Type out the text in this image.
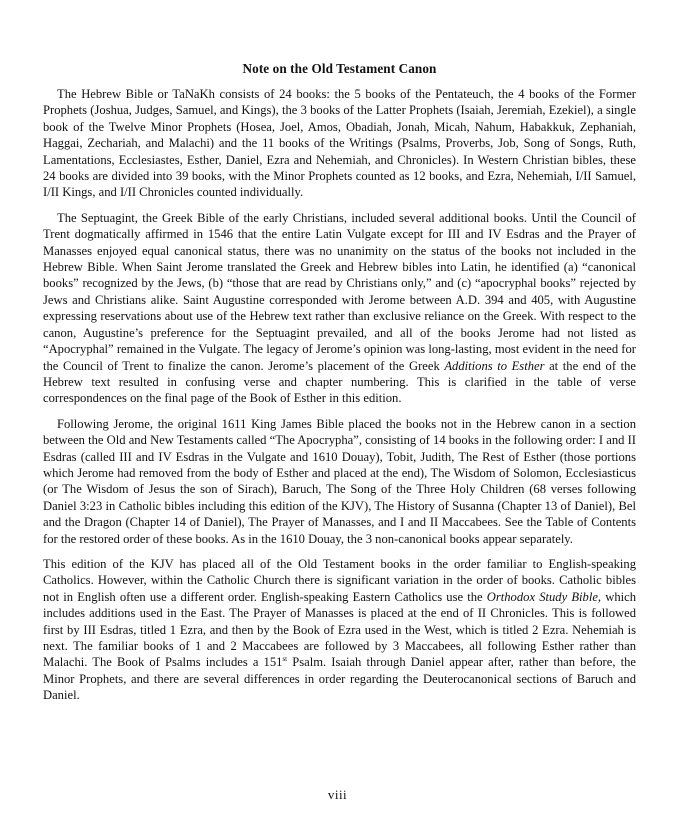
Note on the Old Testament Canon

The Hebrew Bible or TaNaKh consists of 24 books: the 5 books of the Pentateuch, the 4 books of the Former Prophets (Joshua, Judges, Samuel, and Kings), the 3 books of the Latter Prophets (Isaiah, Jeremiah, Ezekiel), a single book of the Twelve Minor Prophets (Hosea, Joel, Amos, Obadiah, Jonah, Micah, Nahum, Habakkuk, Zephaniah, Haggai, Zechariah, and Malachi) and the 11 books of the Writings (Psalms, Proverbs, Job, Song of Songs, Ruth, Lamentations, Ecclesiastes, Esther, Daniel, Ezra and Nehemiah, and Chronicles). In Western Christian bibles, these 24 books are divided into 39 books, with the Minor Prophets counted as 12 books, and Ezra, Nehemiah, I/II Samuel, I/II Kings, and I/II Chronicles counted individually.

The Septuagint, the Greek Bible of the early Christians, included several additional books. Until the Council of Trent dogmatically affirmed in 1546 that the entire Latin Vulgate except for III and IV Esdras and the Prayer of Manasses enjoyed equal canonical status, there was no unanimity on the status of the books not included in the Hebrew Bible. When Saint Jerome translated the Greek and Hebrew bibles into Latin, he identified (a) “canonical books” recognized by the Jews, (b) “those that are read by Christians only,” and (c) “apocryphal books” rejected by Jews and Christians alike. Saint Augustine corresponded with Jerome between A.D. 394 and 405, with Augustine expressing reservations about use of the Hebrew text rather than exclusive reliance on the Greek. With respect to the canon, Augustine’s preference for the Septuagint prevailed, and all of the books Jerome had not listed as “Apocryphal” remained in the Vulgate. The legacy of Jerome’s opinion was long-lasting, most evident in the need for the Council of Trent to finalize the canon. Jerome’s placement of the Greek Additions to Esther at the end of the Hebrew text resulted in confusing verse and chapter numbering. This is clarified in the table of verse correspondences on the final page of the Book of Esther in this edition.

Following Jerome, the original 1611 King James Bible placed the books not in the Hebrew canon in a section between the Old and New Testaments called “The Apocrypha”, consisting of 14 books in the following order: I and II Esdras (called III and IV Esdras in the Vulgate and 1610 Douay), Tobit, Judith, The Rest of Esther (those portions which Jerome had removed from the body of Esther and placed at the end), The Wisdom of Solomon, Ecclesiasticus (or The Wisdom of Jesus the son of Sirach), Baruch, The Song of the Three Holy Children (68 verses following Daniel 3:23 in Catholic bibles including this edition of the KJV), The History of Susanna (Chapter 13 of Daniel), Bel and the Dragon (Chapter 14 of Daniel), The Prayer of Manasses, and I and II Maccabees. See the Table of Contents for the restored order of these books. As in the 1610 Douay, the 3 non-canonical books appear separately.

This edition of the KJV has placed all of the Old Testament books in the order familiar to English-speaking Catholics. However, within the Catholic Church there is significant variation in the order of books. Catholic bibles not in English often use a different order. English-speaking Eastern Catholics use the Orthodox Study Bible, which includes additions used in the East. The Prayer of Manasses is placed at the end of II Chronicles. This is followed first by III Esdras, titled 1 Ezra, and then by the Book of Ezra used in the West, which is titled 2 Ezra. Nehemiah is next. The familiar books of 1 and 2 Maccabees are followed by 3 Maccabees, all following Esther rather than Malachi. The Book of Psalms includes a 151st Psalm. Isaiah through Daniel appear after, rather than before, the Minor Prophets, and there are several differences in order regarding the Deuterocanonical sections of Baruch and Daniel.

viii
